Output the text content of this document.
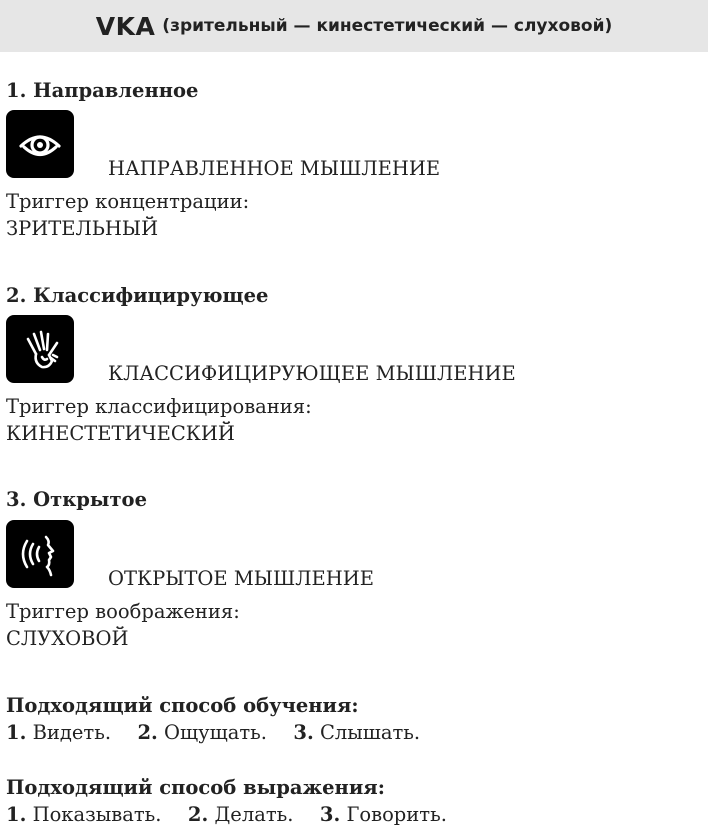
VKA (зрительный — кинестетический — слуховой)
1. Направленное
НАПРАВЛЕННОЕ МЫШЛЕНИЕ
Триггер концентрации:
ЗРИТЕЛЬНЫЙ
2. Классифицирующее
КЛАССИФИЦИРУЮЩЕЕ МЫШЛЕНИЕ
Триггер классифицирования:
КИНЕСТЕТИЧЕСКИЙ
3. Открытое
ОТКРЫТОЕ МЫШЛЕНИЕ
Триггер воображения:
СЛУХОВОЙ
Подходящий способ обучения:
1. Видеть. 2. Ощущать. 3. Слышать.
Подходящий способ выражения:
1. Показывать. 2. Делать. 3. Говорить.
